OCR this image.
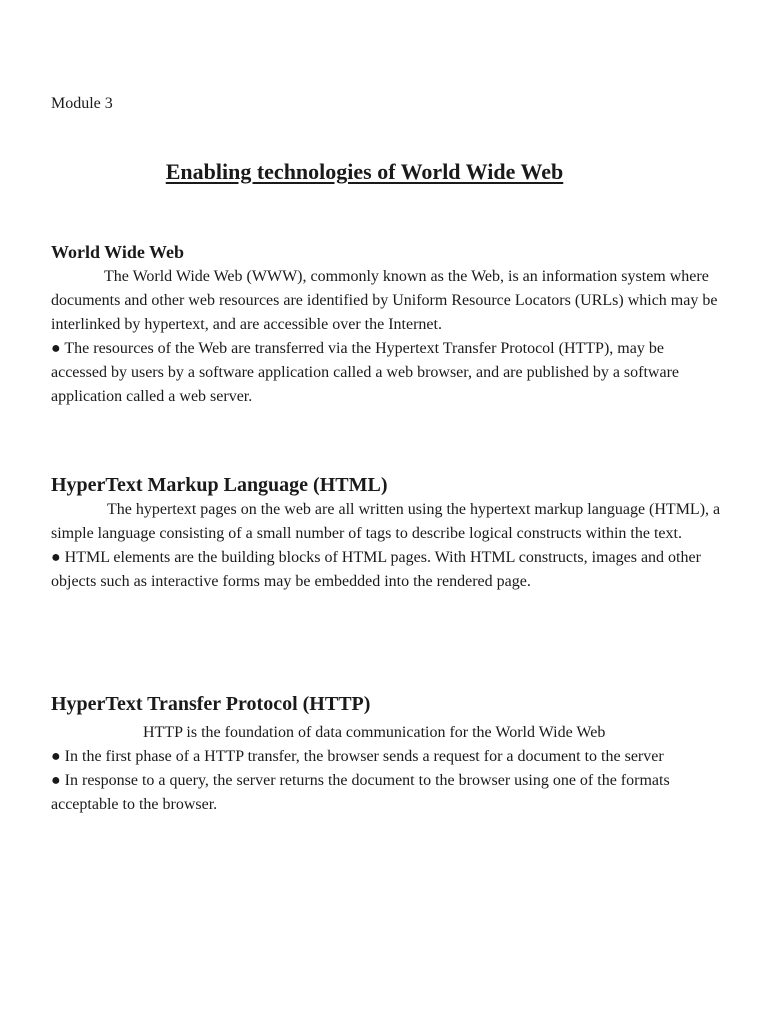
Module 3
Enabling technologies of World Wide Web
World Wide Web

The World Wide Web (WWW), commonly known as the Web, is an information system where documents and other web resources are identified by Uniform Resource Locators (URLs) which may be interlinked by hypertext, and are accessible over the Internet.

● The resources of the Web are transferred via the Hypertext Transfer Protocol (HTTP), may be accessed by users by a software application called a web browser, and are published by a software application called a web server.

HyperText Markup Language (HTML)

The hypertext pages on the web are all written using the hypertext markup language (HTML), a simple language consisting of a small number of tags to describe logical constructs within the text.

● HTML elements are the building blocks of HTML pages. With HTML constructs, images and other objects such as interactive forms may be embedded into the rendered page.

HyperText Transfer Protocol (HTTP)

HTTP is the foundation of data communication for the World Wide Web

● In the first phase of a HTTP transfer, the browser sends a request for a document to the server

● In response to a query, the server returns the document to the browser using one of the formats acceptable to the browser.
